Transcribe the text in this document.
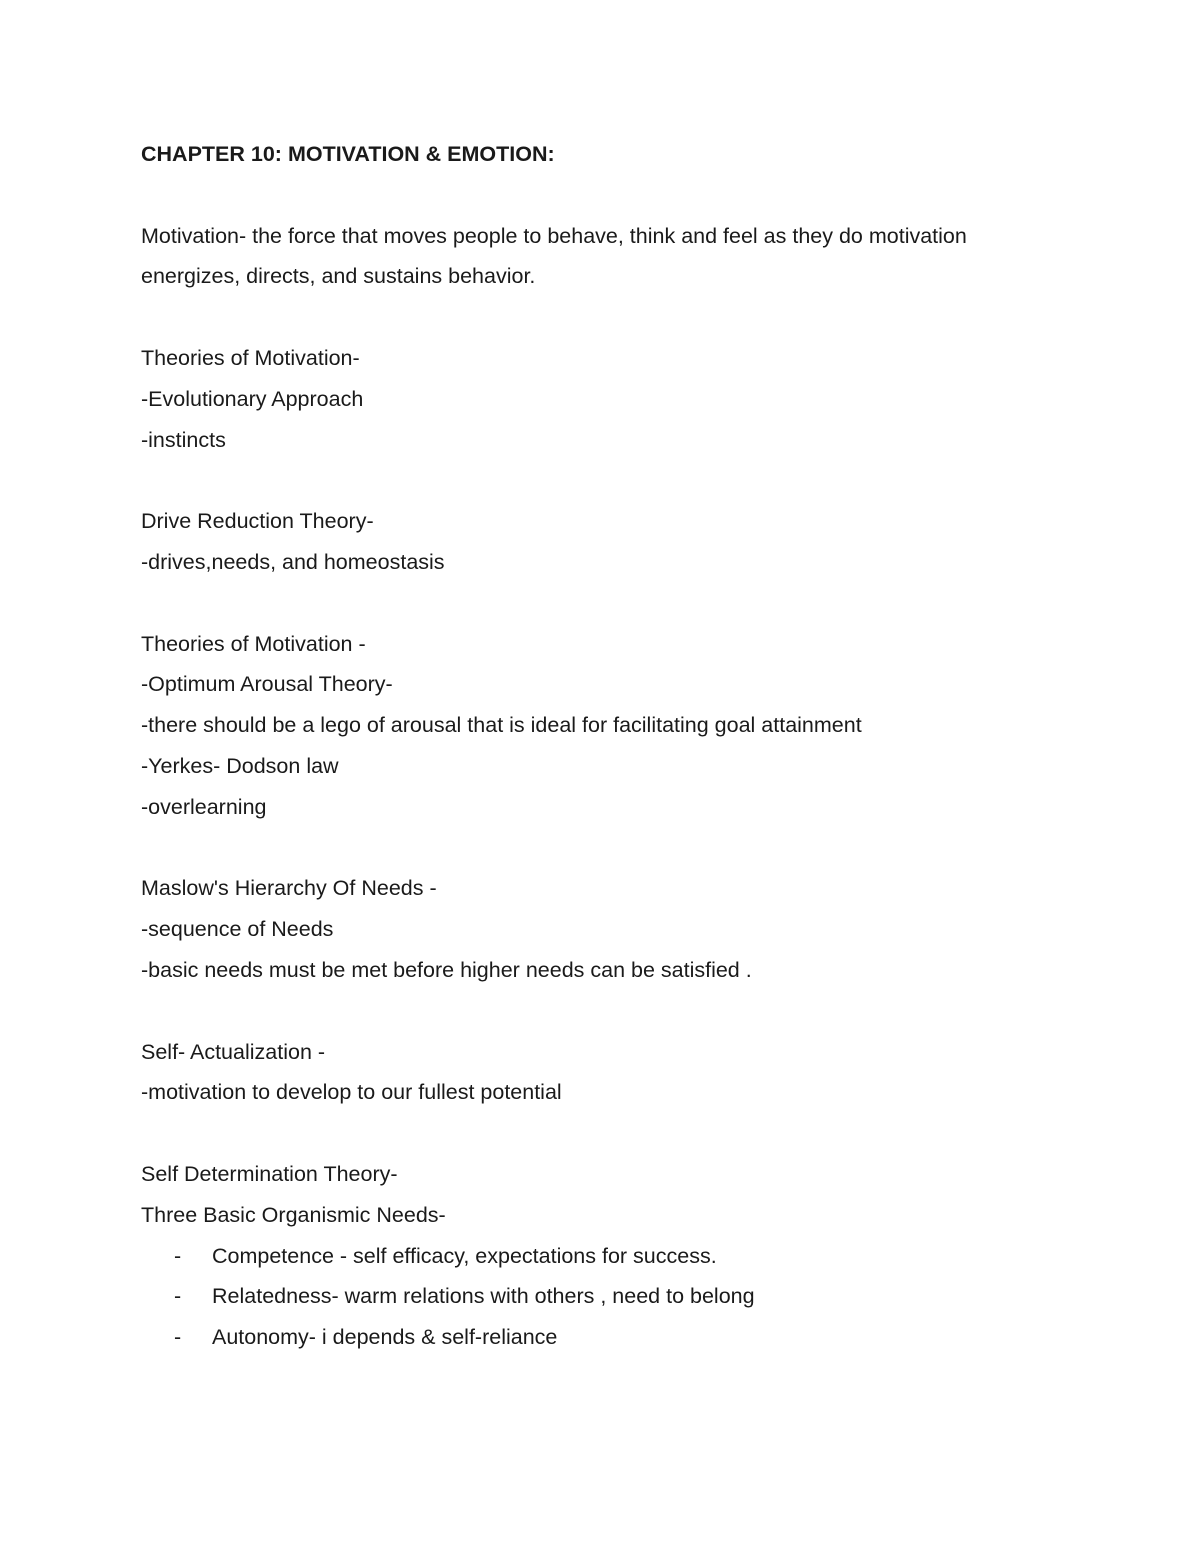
CHAPTER 10: MOTIVATION & EMOTION:

Motivation- the force that moves people to behave, think and feel as they do motivation

energizes, directs, and sustains behavior.

Theories of Motivation-

-Evolutionary Approach

-instincts

Drive Reduction Theory-

-drives,needs, and homeostasis

Theories of Motivation -

-Optimum Arousal Theory-

-there should be a lego of arousal that is ideal for facilitating goal attainment

-Yerkes- Dodson law

-overlearning

Maslow's Hierarchy Of Needs -

-sequence of Needs

-basic needs must be met before higher needs can be satisfied .

Self- Actualization -

-motivation to develop to our fullest potential

Self Determination Theory-

Three Basic Organismic Needs-

- Competence - self efficacy, expectations for success.
- Relatedness- warm relations with others , need to belong
- Autonomy- i depends & self-reliance
